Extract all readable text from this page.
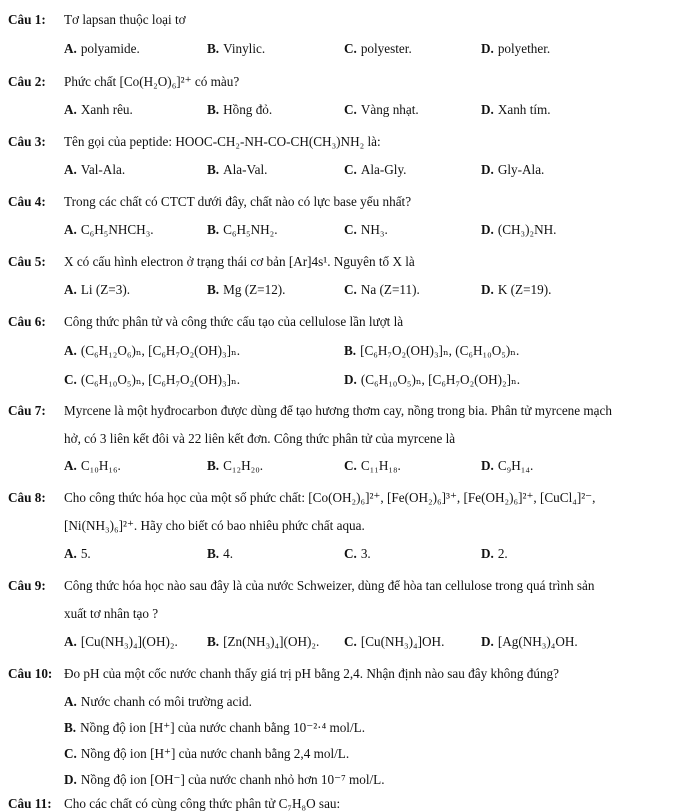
Câu 1: Tơ lapsan thuộc loại tơ
A. polyamide.	B. Vinylic.	C. polyester.	D. polyether.
Câu 2: Phức chất [Co(H₂O)₆]²⁺ có màu?
A. Xanh rêu.	B. Hồng đỏ.	C. Vàng nhạt.	D. Xanh tím.
Câu 3: Tên gọi của peptide: HOOC-CH₂-NH-CO-CH(CH₃)NH₂ là:
A. Val-Ala.	B. Ala-Val.	C. Ala-Gly.	D. Gly-Ala.
Câu 4: Trong các chất có CTCT dưới đây, chất nào có lực base yếu nhất?
A. C₆H₅NHCH₃.	B. C₆H₅NH₂.	C. NH₃.	D. (CH₃)₂NH.
Câu 5: X có cấu hình electron ở trạng thái cơ bản [Ar]4s¹. Nguyên tố X là
A. Li (Z=3).	B. Mg (Z=12).	C. Na (Z=11).	D. K (Z=19).
Câu 6: Công thức phân tử và công thức cấu tạo của cellulose lần lượt là
A. (C₆H₁₂O₆)ₙ, [C₆H₇O₂(OH)₃]ₙ.	B. [C₆H₇O₂(OH)₃]ₙ, (C₆H₁₀O₅)ₙ.
C. (C₆H₁₀O₅)ₙ, [C₆H₇O₂(OH)₃]ₙ.	D. (C₆H₁₀O₅)ₙ, [C₆H₇O₂(OH)₂]ₙ.
Câu 7: Myrcene là một hyđrocarbon được dùng để tạo hương thơm cay, nồng trong bia. Phân tử myrcene mạch
hở, có 3 liên kết đôi và 22 liên kết đơn. Công thức phân tử của myrcene là
A. C₁₀H₁₆.	B. C₁₂H₂₀.	C. C₁₁H₁₈.	D. C₉H₁₄.
Câu 8: Cho công thức hóa học của một số phức chất: [Co(OH₂)₆]²⁺, [Fe(OH₂)₆]³⁺, [Fe(OH₂)₆]²⁺, [CuCl₄]²⁻,
[Ni(NH₃)₆]²⁺. Hãy cho biết có bao nhiêu phức chất aqua.
A. 5.	B. 4.	C. 3.	D. 2.
Câu 9: Công thức hóa học nào sau đây là của nước Schweizer, dùng để hòa tan cellulose trong quá trình sản
xuất tơ nhân tạo ?
A. [Cu(NH₃)₄](OH)₂. B. [Zn(NH₃)₄](OH)₂. C. [Cu(NH₃)₄]OH.	D. [Ag(NH₃)₄OH.
Câu 10: Đo pH của một cốc nước chanh thấy giá trị pH bằng 2,4. Nhận định nào sau đây không đúng?
A. Nước chanh có môi trường acid.
B. Nồng độ ion [H⁺] của nước chanh bằng 10⁻²·⁴ mol/L.
C. Nồng độ ion [H⁺] của nước chanh bằng 2,4 mol/L.
D. Nồng độ ion [OH⁻] của nước chanh nhỏ hơn 10⁻⁷ mol/L.
Câu 11: Cho các chất có cùng công thức phân tử C₇H₈O sau:
